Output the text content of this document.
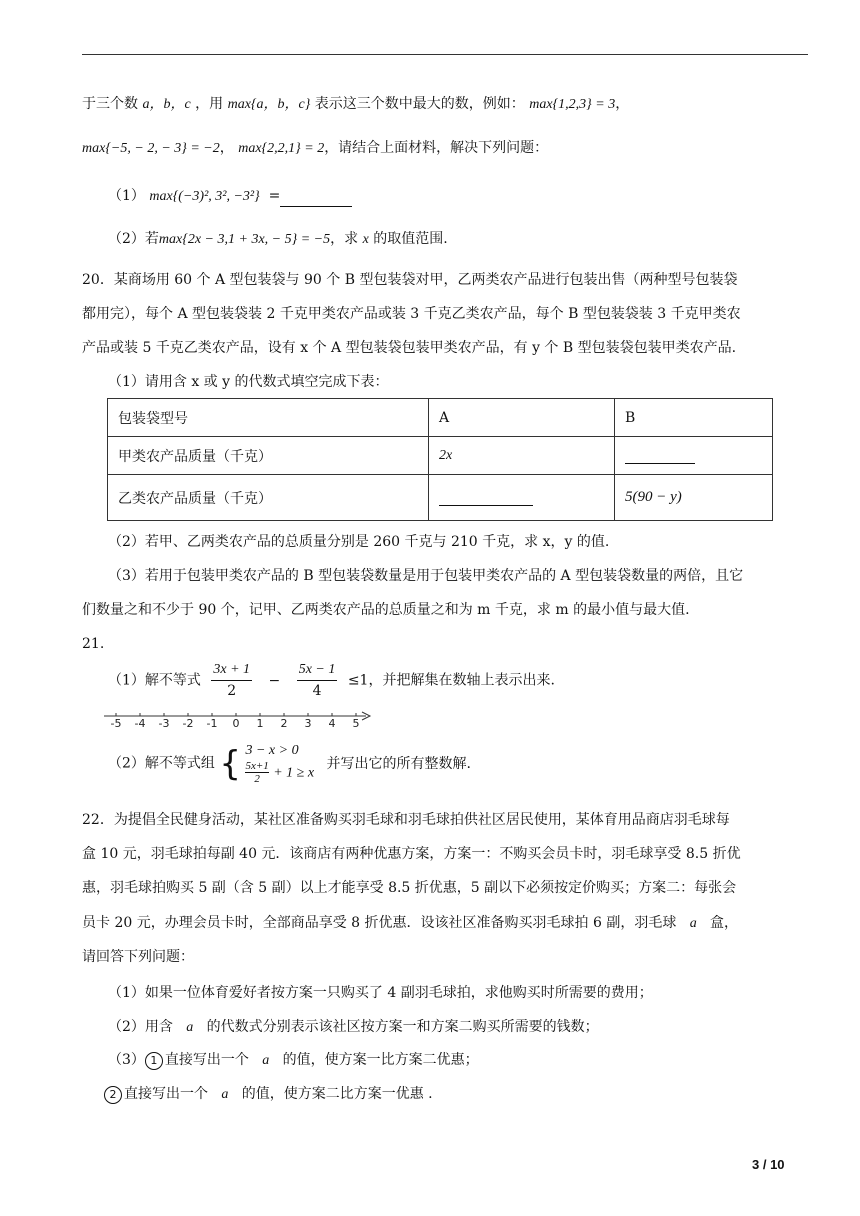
于三个数 a，b，c ，用 max{a，b，c} 表示这三个数中最大的数，例如： max{1,2,3} = 3，
max{−5, − 2, − 3} = −2， max{2,2,1} = 2，请结合上面材料，解决下列问题：
（1） max{(−3)², 3², −3²} =
（2）若max{2x − 3,1 + 3x, − 5} = −5，求 x 的取值范围.
20．某商场用 60 个 A 型包装袋与 90 个 B 型包装袋对甲，乙两类农产品进行包装出售（两种型号包装袋
都用完），每个 A 型包装袋装 2 千克甲类农产品或装 3 千克乙类农产品，每个 B 型包装袋装 3 千克甲类农
产品或装 5 千克乙类农产品，设有 x 个 A 型包装袋包装甲类农产品，有 y 个 B 型包装袋包装甲类农产品.
（1）请用含 x 或 y 的代数式填空完成下表：
包装袋型号	A	B
甲类农产品质量（千克）	2x	
乙类农产品质量（千克）		5(90 − y)
（2）若甲、乙两类农产品的总质量分别是 260 千克与 210 千克，求 x，y 的值.
（3）若用于包装甲类农产品的 B 型包装袋数量是用于包装甲类农产品的 A 型包装袋数量的两倍，且它
们数量之和不少于 90 个，记甲、乙两类农产品的总质量之和为 m 千克，求 m 的最小值与最大值.
21.
（1）解不等式 $\frac{3x + 1}{2} - \frac{5x - 1}{4} \le 1$，并把解集在数轴上表示出来.
-5 -4 -3 -2 -1 0 1 2 3 4 5
（2）解不等式组 { 3 − x > 0
$\frac{5x+1}{2} + 1 \ge x$
并写出它的所有整数解.
22．为提倡全民健身活动，某社区准备购买羽毛球和羽毛球拍供社区居民使用，某体育用品商店羽毛球每
盒 10 元，羽毛球拍每副 40 元．该商店有两种优惠方案，方案一：不购买会员卡时，羽毛球享受 8.5 折优
惠，羽毛球拍购买 5 副（含 5 副）以上才能享受 8.5 折优惠，5 副以下必须按定价购买；方案二：每张会
员卡 20 元，办理会员卡时，全部商品享受 8 折优惠．设该社区准备购买羽毛球拍 6 副，羽毛球 a 盒，
请回答下列问题：
（1）如果一位体育爱好者按方案一只购买了 4 副羽毛球拍，求他购买时所需要的费用；
（2）用含 a 的代数式分别表示该社区按方案一和方案二购买所需要的钱数；
（3） 1 直接写出一个 a 的值，使方案一比方案二优惠；
2 直接写出一个 a 的值，使方案二比方案一优惠 .
3 / 10
